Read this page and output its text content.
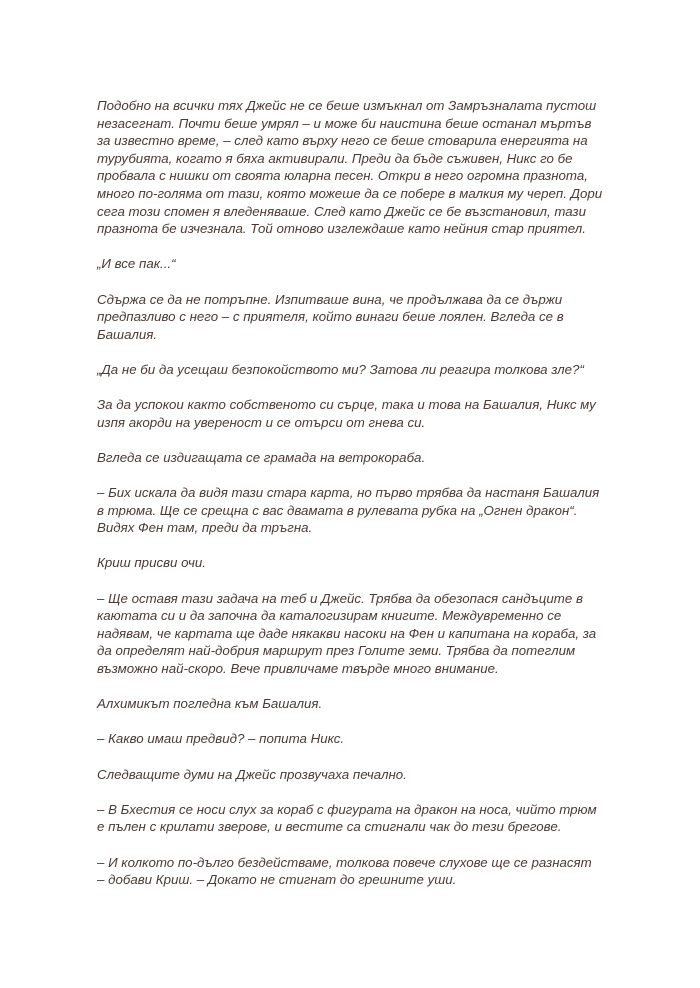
Подобно на всички тях Джейс не се беше измъкнал от Замръзналата пустош
незасегнат. Почти беше умрял – и може би наистина беше останал мъртъв
за известно време, – след като върху него се беше стоварила енергията на
турубията, когато я бяха активирали. Преди да бъде съживен, Никс го бе
пробвала с нишки от своята юларна песен. Откри в него огромна празнота,
много по-голяма от тази, която можеше да се побере в малкия му череп. Дори
сега този спомен я вледеняваше. След като Джейс се бе възстановил, тази
празнота бе изчезнала. Той отново изглеждаше като нейния стар приятел.

„И все пак...“

Сдържа се да не потръпне. Изпитваше вина, че продължава да се държи
предпазливо с него – с приятеля, който винаги беше лоялен. Вгледа се в
Башалия.

„Да не би да усещаш безпокойството ми? Затова ли реагира толкова зле?“

За да успокои както собственото си сърце, така и това на Башалия, Никс му
изпя акорди на увереност и се отърси от гнева си.

Вгледа се издигащата се грамада на ветрокораба.

– Бих искала да видя тази стара карта, но първо трябва да настаня Башалия
в трюма. Ще се срещна с вас двамата в рулевата рубка на „Огнен дракон“.
Видях Фен там, преди да тръгна.

Криш присви очи.

– Ще оставя тази задача на теб и Джейс. Трябва да обезопася сандъците в
каютата си и да започна да каталогизирам книгите. Междувременно се
надявам, че картата ще даде някакви насоки на Фен и капитана на кораба, за
да определят най-добрия маршрут през Голите земи. Трябва да потеглим
възможно най-скоро. Вече привличаме твърде много внимание.

Алхимикът погледна към Башалия.

– Какво имаш предвид? – попита Никс.

Следващите думи на Джейс прозвучаха печално.

– В Бхестия се носи слух за кораб с фигурата на дракон на носа, чийто трюм
е пълен с крилати зверове, и вестите са стигнали чак до тези брегове.

– И колкото по-дълго бездействаме, толкова повече слухове ще се разнасят
– добави Криш. – Докато не стигнат до грешните уши.
